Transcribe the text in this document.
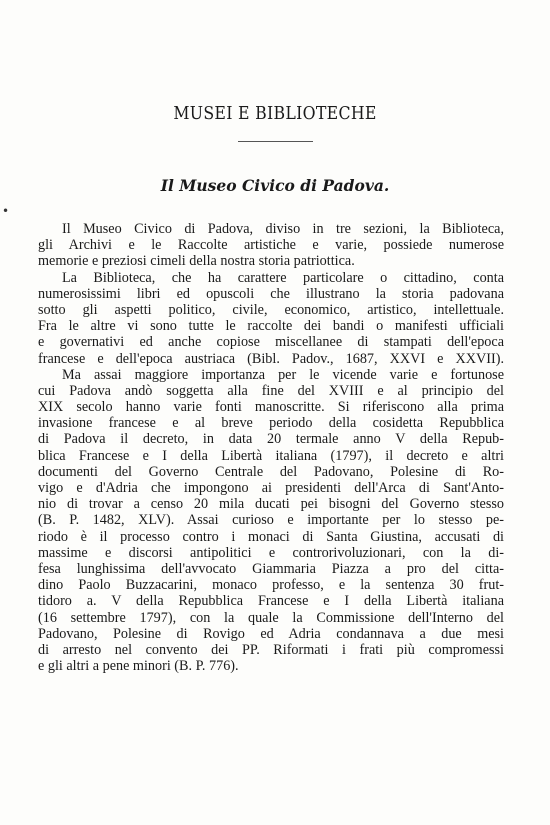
MUSEI E BIBLIOTECHE
Il Museo Civico di Padova.
•
Il Museo Civico di Padova, diviso in tre sezioni, la Biblioteca,
gli Archivi e le Raccolte artistiche e varie, possiede numerose
memorie e preziosi cimeli della nostra storia patriottica.
La Biblioteca, che ha carattere particolare o cittadino, conta
numerosissimi libri ed opuscoli che illustrano la storia padovana
sotto gli aspetti politico, civile, economico, artistico, intellettuale.
Fra le altre vi sono tutte le raccolte dei bandi o manifesti ufficiali
e governativi ed anche copiose miscellanee di stampati dell'epoca
francese e dell'epoca austriaca (Bibl. Padov., 1687, XXVI e XXVII).
Ma assai maggiore importanza per le vicende varie e fortunose
cui Padova andò soggetta alla fine del XVIII e al principio del
XIX secolo hanno varie fonti manoscritte. Si riferiscono alla prima
invasione francese e al breve periodo della cosidetta Repubblica
di Padova il decreto, in data 20 termale anno V della Repub-
blica Francese e I della Libertà italiana (1797), il decreto e altri
documenti del Governo Centrale del Padovano, Polesine di Ro-
vigo e d'Adria che impongono ai presidenti dell'Arca di Sant'Anto-
nio di trovar a censo 20 mila ducati pei bisogni del Governo stesso
(B. P. 1482, XLV). Assai curioso e importante per lo stesso pe-
riodo è il processo contro i monaci di Santa Giustina, accusati di
massime e discorsi antipolitici e controrivoluzionari, con la di-
fesa lunghissima dell'avvocato Giammaria Piazza a pro del citta-
dino Paolo Buzzacarini, monaco professo, e la sentenza 30 frut-
tidoro a. V della Repubblica Francese e I della Libertà italiana
(16 settembre 1797), con la quale la Commissione dell'Interno del
Padovano, Polesine di Rovigo ed Adria condannava a due mesi
di arresto nel convento dei PP. Riformati i frati più compromessi
e gli altri a pene minori (B. P. 776).
